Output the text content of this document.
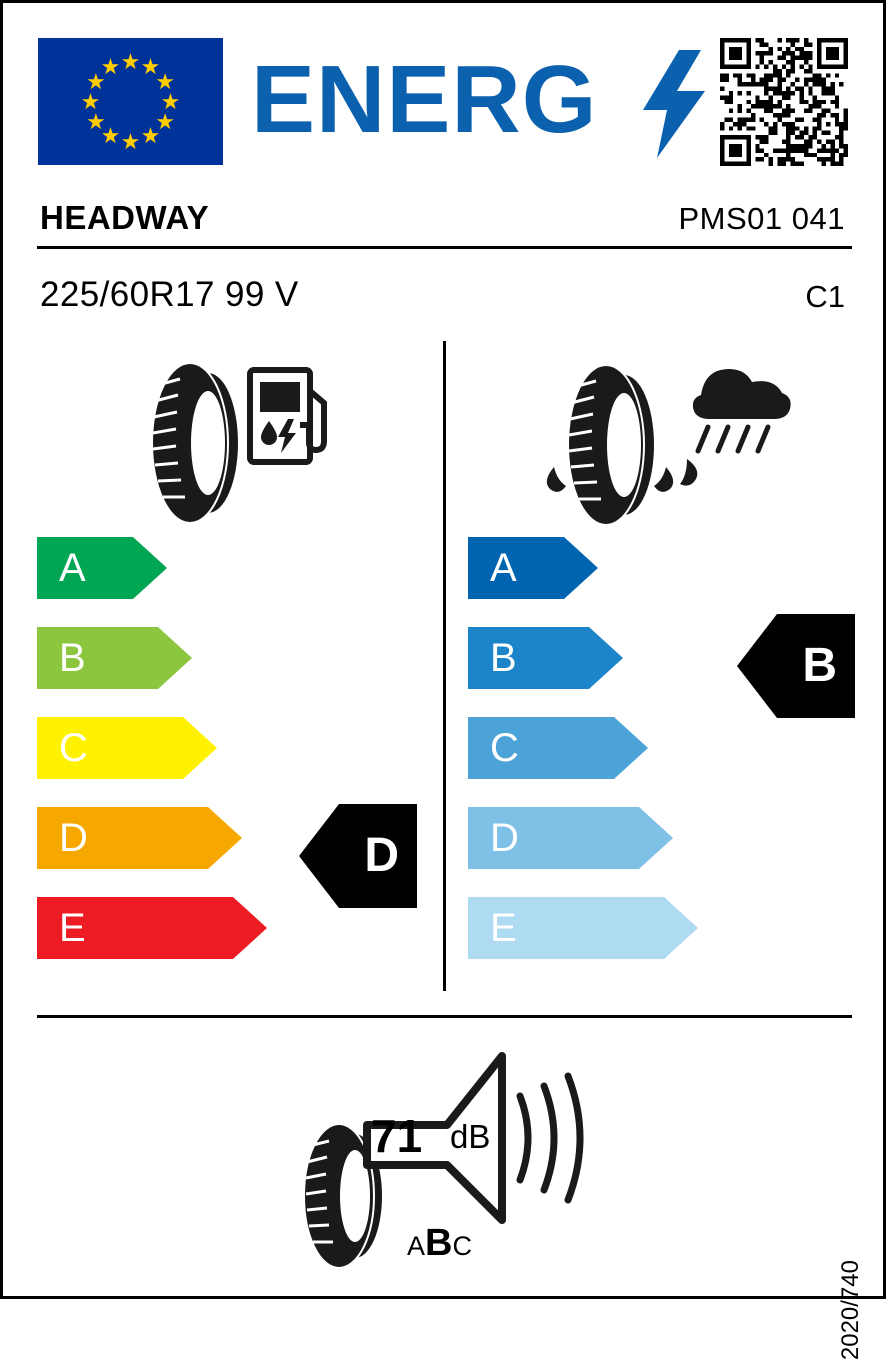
★ ★
★
★
★
★
★
★
★
★
★
★ ENERG
HEADWAY	PMS01 041
225/60R17 99 V	C1
A
B
C
D
E
D
A
B
C
D
E
B
71 dB
ABC
2020/740
